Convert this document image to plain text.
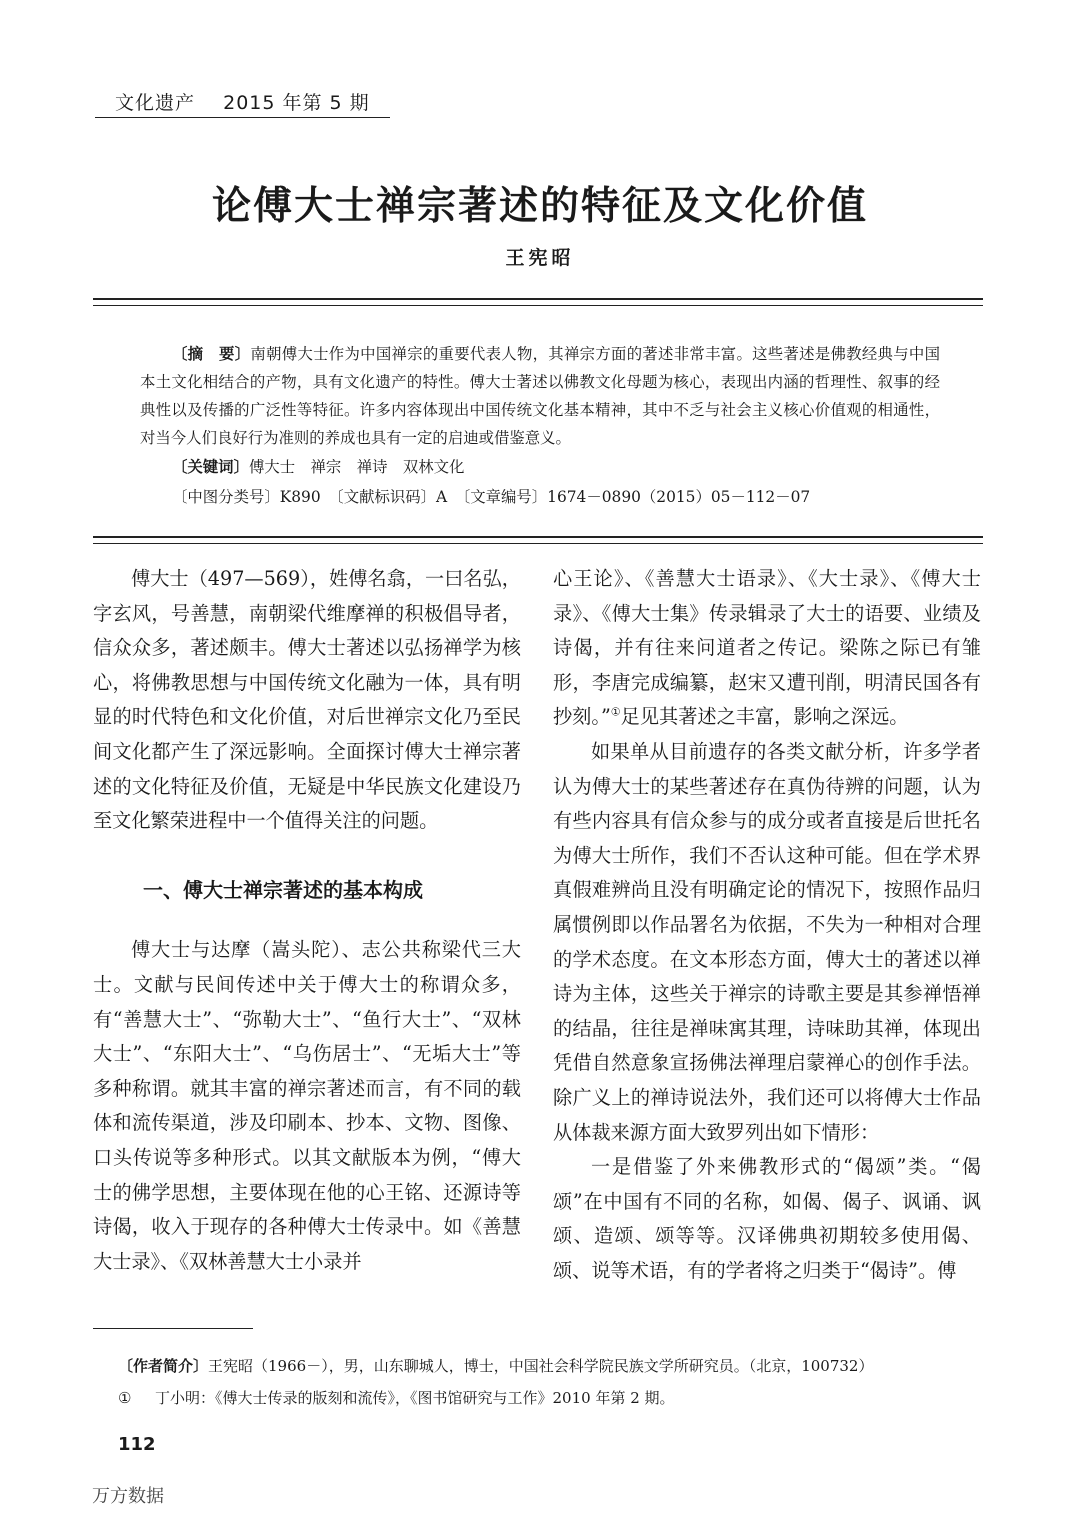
文化遗产 2015 年第 5 期
论傅大士禅宗著述的特征及文化价值
王宪昭
〔摘　要〕南朝傅大士作为中国禅宗的重要代表人物，其禅宗方面的著述非常丰富。这些著述是佛教经典与中国本土文化相结合的产物，具有文化遗产的特性。傅大士著述以佛教文化母题为核心，表现出内涵的哲理性、叙事的经典性以及传播的广泛性等特征。许多内容体现出中国传统文化基本精神，其中不乏与社会主义核心价值观的相通性，对当今人们良好行为准则的养成也具有一定的启迪或借鉴意义。
〔关键词〕傅大士　禅宗　禅诗　双林文化
〔中图分类号〕K890　〔文献标识码〕A　〔文章编号〕1674－0890（2015）05－112－07

傅大士（497—569），姓傅名翕，一曰名弘，字玄风，号善慧，南朝梁代维摩禅的积极倡导者，信众众多，著述颇丰。傅大士著述以弘扬禅学为核心，将佛教思想与中国传统文化融为一体，具有明显的时代特色和文化价值，对后世禅宗文化乃至民间文化都产生了深远影响。全面探讨傅大士禅宗著述的文化特征及价值，无疑是中华民族文化建设乃至文化繁荣进程中一个值得关注的问题。

一、傅大士禅宗著述的基本构成

傅大士与达摩（嵩头陀）、志公共称梁代三大士。文献与民间传述中关于傅大士的称谓众多，有“善慧大士”、“弥勒大士”、“鱼行大士”、“双林大士”、“东阳大士”、“乌伤居士”、“无垢大士”等多种称谓。就其丰富的禅宗著述而言，有不同的载体和流传渠道，涉及印刷本、抄本、文物、图像、口头传说等多种形式。以其文献版本为例，“傅大士的佛学思想，主要体现在他的心王铭、还源诗等诗偈，收入于现存的各种傅大士传录中。如《善慧大士录》、《双林善慧大士小录并

心王论》、《善慧大士语录》、《大士录》、《傅大士录》、《傅大士集》传录辑录了大士的语要、业绩及诗偈，并有往来问道者之传记。梁陈之际已有雏形，李唐完成编纂，赵宋又遭刊削，明清民国各有抄刻。”①足见其著述之丰富，影响之深远。

如果单从目前遗存的各类文献分析，许多学者认为傅大士的某些著述存在真伪待辨的问题，认为有些内容具有信众参与的成分或者直接是后世托名为傅大士所作，我们不否认这种可能。但在学术界真假难辨尚且没有明确定论的情况下，按照作品归属惯例即以作品署名为依据，不失为一种相对合理的学术态度。在文本形态方面，傅大士的著述以禅诗为主体，这些关于禅宗的诗歌主要是其参禅悟禅的结晶，往往是禅味寓其理，诗味助其禅，体现出凭借自然意象宣扬佛法禅理启蒙禅心的创作手法。除广义上的禅诗说法外，我们还可以将傅大士作品从体裁来源方面大致罗列出如下情形：

一是借鉴了外来佛教形式的“偈颂”类。“偈颂”在中国有不同的名称，如偈、偈子、讽诵、讽颂、造颂、颂等等。汉译佛典初期较多使用偈、颂、说等术语，有的学者将之归类于“偈诗”。傅

〔作者简介〕王宪昭（1966－），男，山东聊城人，博士，中国社会科学院民族文学所研究员。（北京，100732）
① 丁小明：《傅大士传录的版刻和流传》，《图书馆研究与工作》2010 年第 2 期。
112
万方数据
